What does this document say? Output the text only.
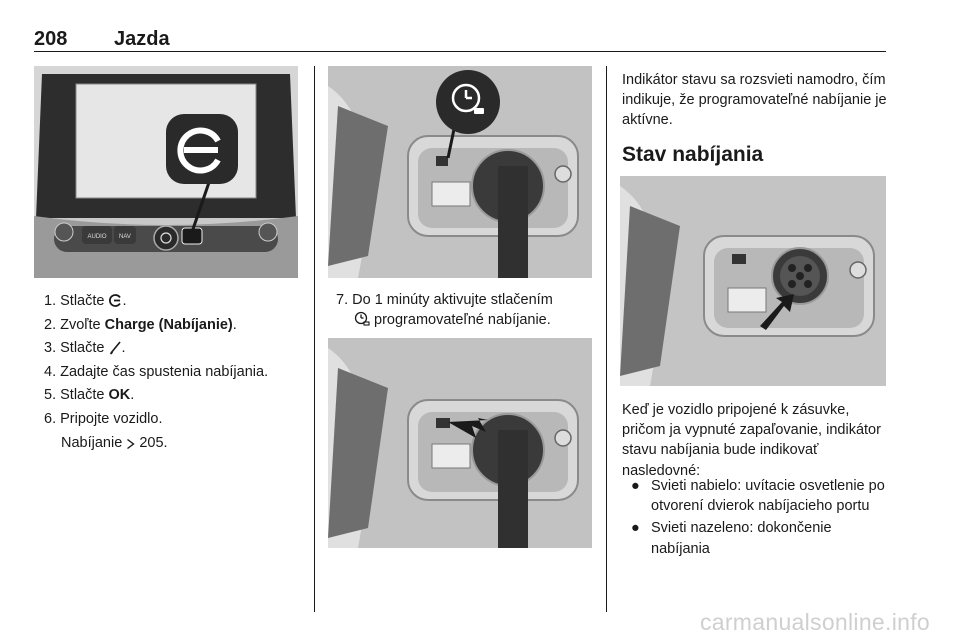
208 Jazda
AUDIO NAV
1. Stlačte .
2. Zvoľte Charge (Nabíjanie).
3. Stlačte .
4. Zadajte čas spustenia nabíjania.
5. Stlačte OK.
6. Pripojte vozidlo.
Nabíjanie 205.
7. Do 1 minúty aktivujte stlačením
programovateľné nabíjanie.
Indikátor stavu sa rozsvieti namodro, čím indikuje, že programovateľné nabíjanie je aktívne.
Stav nabíjania
Keď je vozidlo pripojené k zásuvke, pričom ja vypnuté zapaľovanie, indikátor stavu nabíjania bude indikovať nasledovné:
● Svieti nabielo: uvítacie osvetlenie po otvorení dvierok nabíjacieho portu
● Svieti nazeleno: dokončenie nabíjania
carmanualsonline.info
